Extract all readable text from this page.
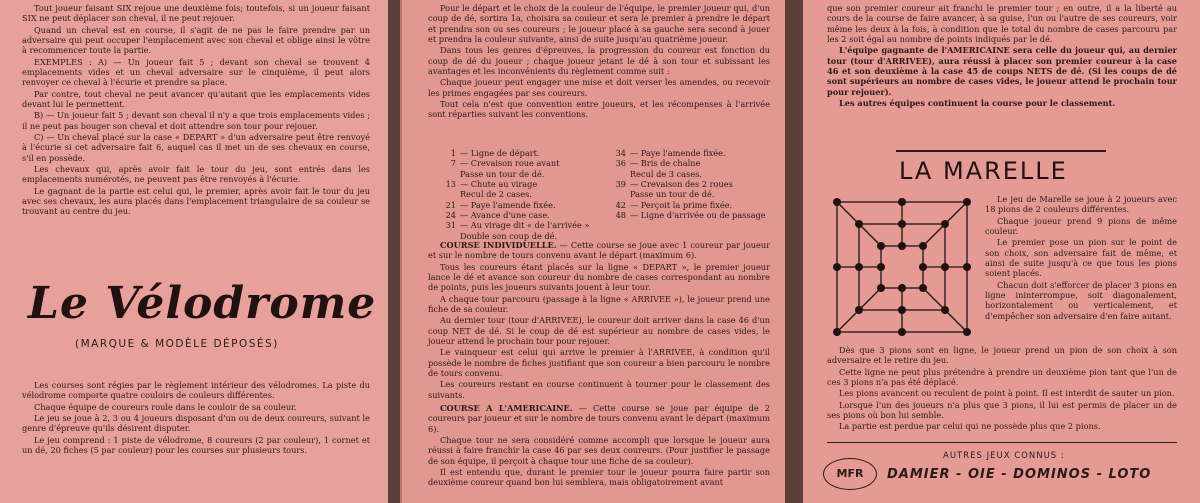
Tout joueur faisant SIX rejoue une deuxième fois; toutefois, si un joueur faisant SIX ne peut déplacer son cheval, il ne peut rejouer.

Quand un cheval est en course, il s'agit de ne pas le faire prendre par un adversaire qui peut occuper l'emplacement avec son cheval et oblige ainsi le vôtre à recommencer toute la partie.

EXEMPLES : A) — Un joueur fait 5 ; devant son cheval se trouvent 4 emplacements vides et un cheval adversaire sur le cinquième, il peut alors renvoyer ce cheval à l'écurie et prendre sa place.

Par contre, tout cheval ne peut avancer qu'autant que les emplacements vides devant lui le permettent.

B) — Un joueur fait 5 ; devant son cheval il n'y a que trois emplacements vides ; il ne peut pas bouger son cheval et doit attendre son tour pour rejouer.

C) — Un cheval placé sur la case « DEPART » d'un adversaire peut être renvoyé à l'écurie si cet adversaire fait 6, auquel cas il met un de ses chevaux en course, s'il en possède.

Les chevaux qui, après avoir fait le tour du jeu, sont entrés dans les emplacements numérotés, ne peuvent pas être renvoyés à l'écurie.

Le gagnant de la partie est celui qui, le premier, après avoir fait le tour du jeu avec ses chevaux, les aura placés dans l'emplacement triangulaire de sa couleur se trouvant au centre du jeu.

Le Vélodrome
(MARQUE & MODÈLE DÉPOSÉS)

Les courses sont régies par le règlement intérieur des vélodromes. La piste du vélodrome comporte quatre couloirs de couleurs différentes.

Chaque équipe de coureurs roule dans le couloir de sa couleur.

Le jeu se joue à 2, 3 ou 4 joueurs disposant d'un ou de deux coureurs, suivant le genre d'épreuve qu'ils désirent disputer.

Le jeu comprend : 1 piste de vélodrome, 8 coureurs (2 par couleur), 1 cornet et un dé, 20 fiches (5 par couleur) pour les courses sur plusieurs tours.

Pour le départ et le choix de la couleur de l'équipe, le premier joueur qui, d'un coup de dé, sortira 1a, choisira sa couleur et sera le premier à prendre le départ et prendra son ou ses coureurs ; le joueur placé à sa gauche sera second à jouer et prendra la couleur suivante, ainsi de suite jusqu'au quatrième joueur.

Dans tous les genres d'épreuves, la progression du coureur est fonction du coup de dé du joueur ; chaque joueur jetant le dé à son tour et subissant les avantages et les inconvénients du règlement comme suit :

Chaque joueur peut engager une mise et doit verser les amendes, ou recevoir les primes engagées par ses coureurs.

Tout cela n'est que convention entre joueurs, et les récompenses à l'arrivée sont réparties suivant les conventions.

1 — Ligne de départ.
7 — Crevaison roue avant
Passe un tour de dé.
13 — Chute au virage
Recul de 2 cases.
21 — Paye l'amende fixée.
24 — Avance d'une case.
31 — Au virage dit « de l'arrivée »
Double son coup de dé.
34 — Paye l'amende fixée.
36 — Bris de chaîne
Recul de 3 cases.
39 — Crevaison des 2 roues
Passe un tour de dé.
42 — Perçoit la prime fixée.
48 — Ligne d'arrivée ou de passage

COURSE INDIVIDUELLE. — Cette course se joue avec 1 coureur par joueur et sur le nombre de tours convenu avant le départ (maximum 6).

Tous les coureurs étant placés sur la ligne « DEPART », le premier joueur lance le dé et avance son coureur du nombre de cases correspondant au nombre de points, puis les joueurs suivants jouent à leur tour.

A chaque tour parcouru (passage à la ligne « ARRIVEE »), le joueur prend une fiche de sa couleur.

Au dernier tour (tour d'ARRIVEE), le coureur doit arriver dans la case 46 d'un coup NET de dé. Si le coup de dé est supérieur au nombre de cases vides, le joueur attend le prochain tour pour rejouer.

Le vainqueur est celui qui arrive le premier à l'ARRIVEE, à condition qu'il possède le nombre de fiches justifiant que son coureur a bien parcouru le nombre de tours convenu.

Les coureurs restant en course continuent à tourner pour le classement des suivants.

COURSE A L'AMERICAINE. — Cette course se joue par équipe de 2 coureurs par joueur et sur le nombre de tours convenu avant le départ (maximum 6).

Chaque tour ne sera considéré comme accompli que lorsque le joueur aura réussi à faire franchir la case 46 par ses deux coureurs. (Pour justifier le passage de son équipe, il perçoit à chaque tour une fiche de sa couleur).

Il est entendu que, durant le premier tour le joueur pourra faire partir son deuxième coureur quand bon lui semblera, mais obligatoirement avant

que son premier coureur ait franchi le premier tour ; en outre, il a la liberté au cours de la course de faire avancer, à sa guise, l'un ou l'autre de ses coureurs, voir même les deux à la fois, à condition que le total du nombre de cases parcouru par les 2 soit égal au nombre de points indiqués par le dé.

L'équipe gagnante de l'AMERICAINE sera celle du joueur qui, au dernier tour (tour d'ARRIVEE), aura réussi à placer son premier coureur à la case 46 et son deuxième à la case 45 de coups NETS de dé. (Si les coups de dé sont supérieurs au nombre de cases vides, le joueur attend le prochain tour pour rejouer).

Les autres équipes continuent la course pour le classement.

LA MARELLE

Le jeu de Marelle se joue à 2 joueurs avec 18 pions de 2 couleurs différentes.

Chaque joueur prend 9 pions de même couleur.

Le premier pose un pion sur le point de son choix, son adversaire fait de même, et ainsi de suite jusqu'à ce que tous les pions soient placés.

Chacun doit s'efforcer de placer 3 pions en ligne ininterrompue, soit diagonalement, horizontalement ou verticalement, et d'empêcher son adversaire d'en faire autant.

Dès que 3 pions sont en ligne, le joueur prend un pion de son choix à son adversaire et le retire du jeu.

Cette ligne ne peut plus prétendre à prendre un deuxième pion tant que l'un de ces 3 pions n'a pas été déplacé.

Les pions avancent ou reculent de point à point. Il est interdit de sauter un pion.

Lorsque l'un des joueurs n'a plus que 3 pions, il lui est permis de placer un de ses pions où bon lui semble.

La partie est perdue par celui qui ne possède plus que 2 pions.

AUTRES JEUX CONNUS :
MFR	DAMIER - OIE - DOMINOS - LOTO
